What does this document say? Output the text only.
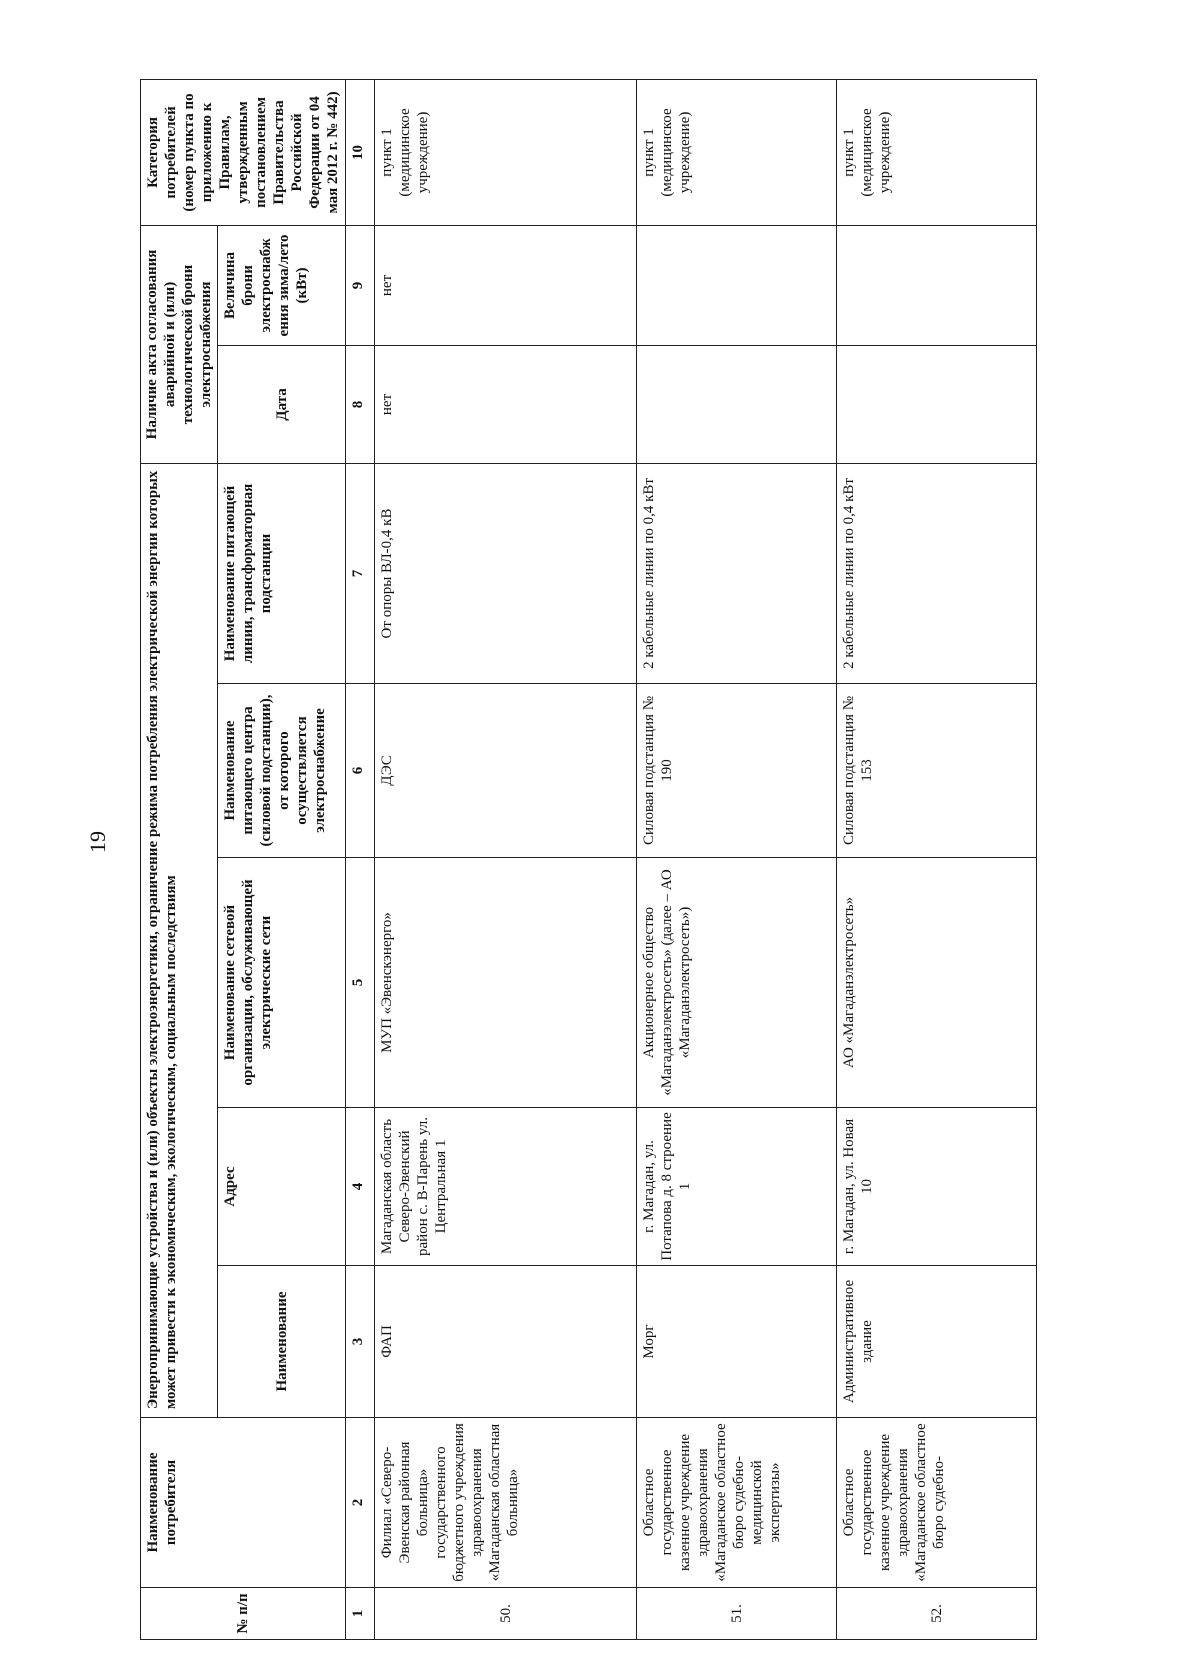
19
№ п/п	Наименование потребителя	Энергопринимающие устройства и (или) объекты электроэнергетики, ограничение режима потребления электрической энергии которых может привести к экономическим, экологическим, социальным последствиям					Наличие акта согласования аварийной и (или) технологической брони электроснабжения		Категория потребителей (номер пункта по приложению к Правилам, утвержденным постановлением Правительства Российской Федерации от 04 мая 2012 г. № 442)
		Наименование	Адрес	Наименование сетевой организации, обслуживающей электрические сети	Наименование питающего центра (силовой подстанции), от которого осуществляется электроснабжение	Наименование питающей линии, трансформаторная подстанции	Дата	Величина брони электроснабж ения зима/лето (кВт)	

1	2	3	4	5	6	7	8	9	10
50.	Филиал «Северо-Эвенская районная больница» государственного бюджетного учреждения здравоохранения «Магаданская областная больница»	ФАП	Магаданская область Северо-Эвенский район с. В-Парень ул. Центральная 1	МУП «Эвенскэнерго»	ДЭС	От опоры ВЛ-0,4 кВ	нет	нет	пункт 1 (медицинское учреждение)
51.	Областное государственное казенное учреждение здравоохранения «Магаданское областное бюро судебно-медицинской экспертизы»	Морг	г. Магадан, ул. Потапова д. 8 строение 1	Акционерное общество «Магаданэлектросеть» (далее – АО «Магаданэлектросеть»)	Силовая подстанция № 190	2 кабельные линии по 0,4 кВт			пункт 1 (медицинское учреждение)
52.	Областное государственное казенное учреждение здравоохранения «Магаданское областное бюро судебно-	Административное здание	г. Магадан, ул. Новая 10	АО «Магаданэлектросеть»	Силовая подстанция № 153	2 кабельные линии по 0,4 кВт			пункт 1 (медицинское учреждение)
